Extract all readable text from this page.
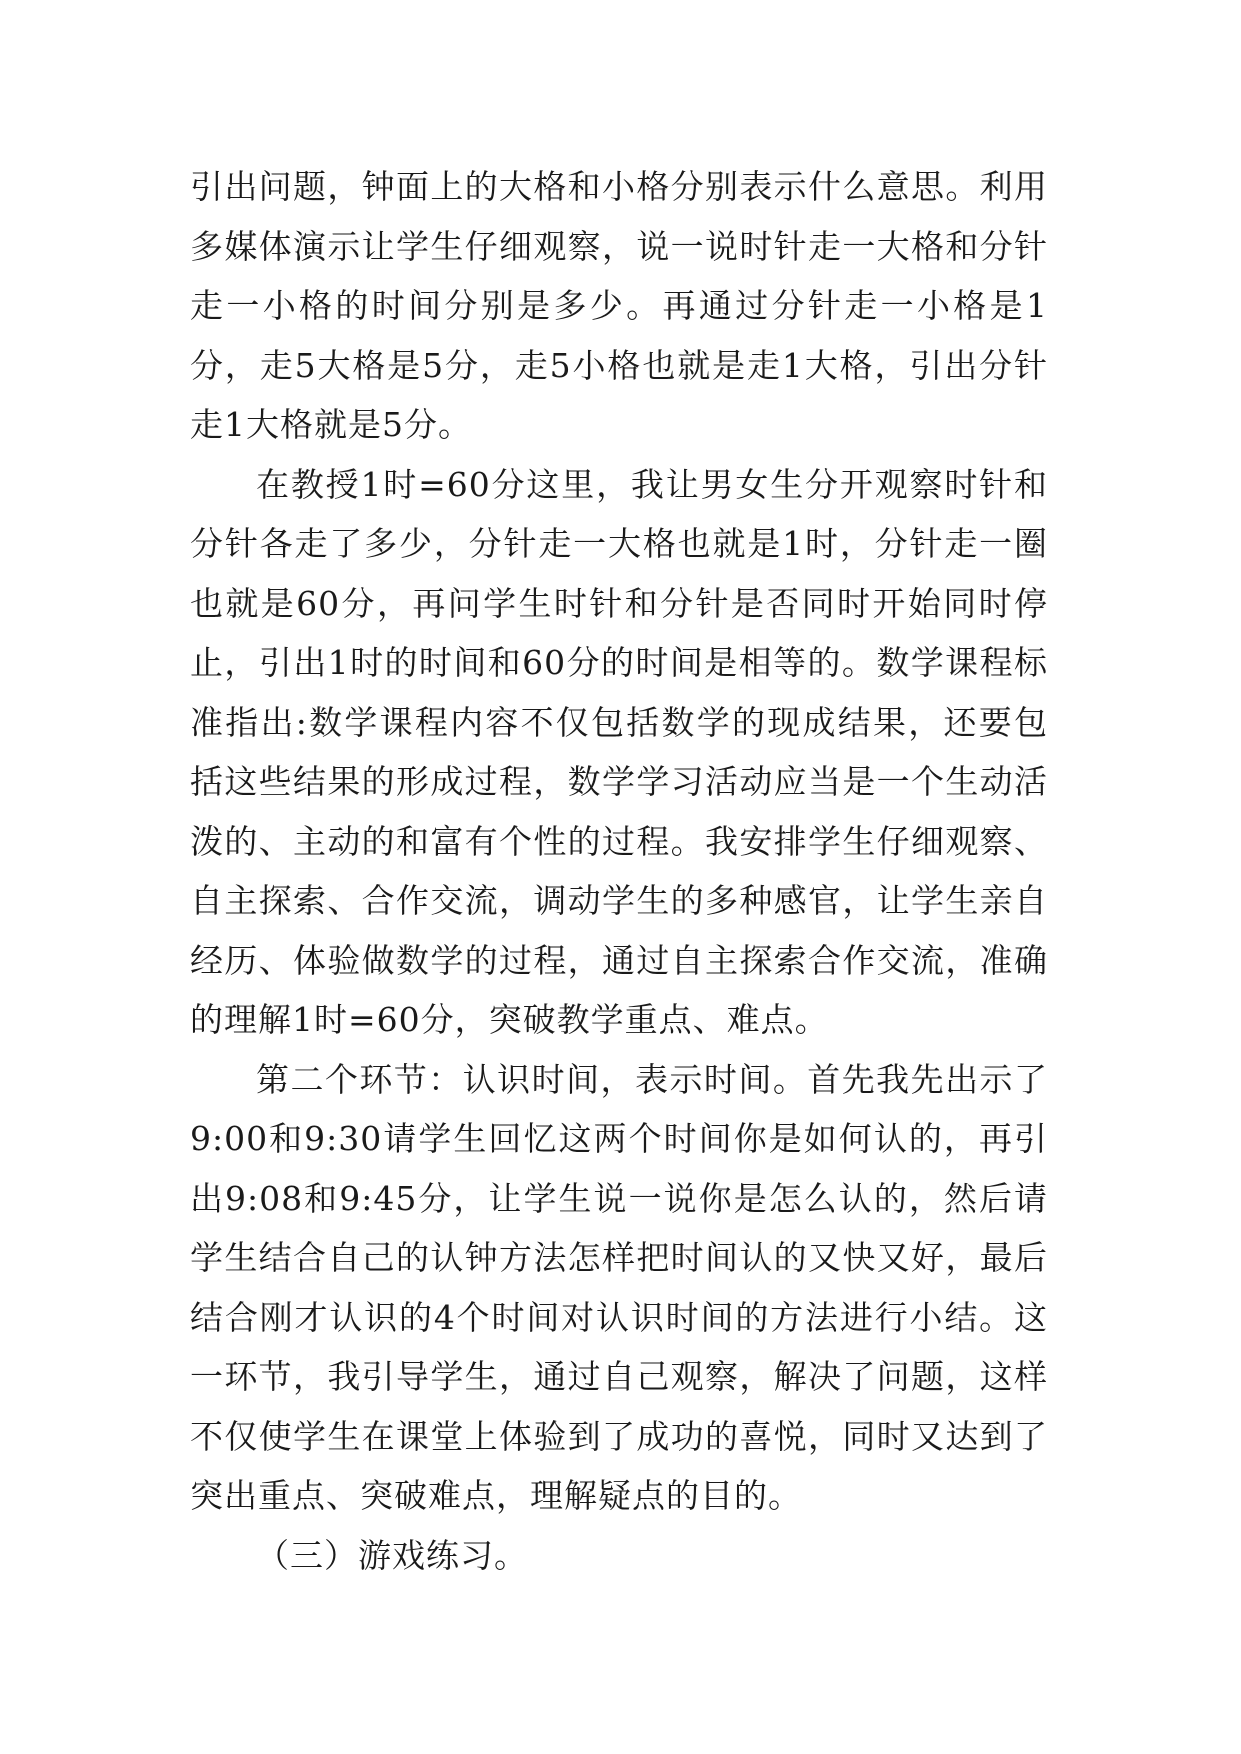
引出问题，钟面上的大格和小格分别表示什么意思。利用多媒体演示让学生仔细观察，说一说时针走一大格和分针走一小格的时间分别是多少。再通过分针走一小格是1分，走5大格是5分，走5小格也就是走1大格，引出分针走1大格就是5分。

在教授1时=60分这里，我让男女生分开观察时针和分针各走了多少，分针走一大格也就是1时，分针走一圈也就是60分，再问学生时针和分针是否同时开始同时停止，引出1时的时间和60分的时间是相等的。数学课程标准指出:数学课程内容不仅包括数学的现成结果，还要包括这些结果的形成过程，数学学习活动应当是一个生动活泼的、主动的和富有个性的过程。我安排学生仔细观察、自主探索、合作交流，调动学生的多种感官，让学生亲自经历、体验做数学的过程，通过自主探索合作交流，准确的理解1时=60分，突破教学重点、难点。

第二个环节：认识时间，表示时间。首先我先出示了9:00和9:30请学生回忆这两个时间你是如何认的，再引出9:08和9:45分，让学生说一说你是怎么认的，然后请学生结合自己的认钟方法怎样把时间认的又快又好，最后结合刚才认识的4个时间对认识时间的方法进行小结。这一环节，我引导学生，通过自己观察，解决了问题，这样不仅使学生在课堂上体验到了成功的喜悦，同时又达到了突出重点、突破难点，理解疑点的目的。

（三）游戏练习。
